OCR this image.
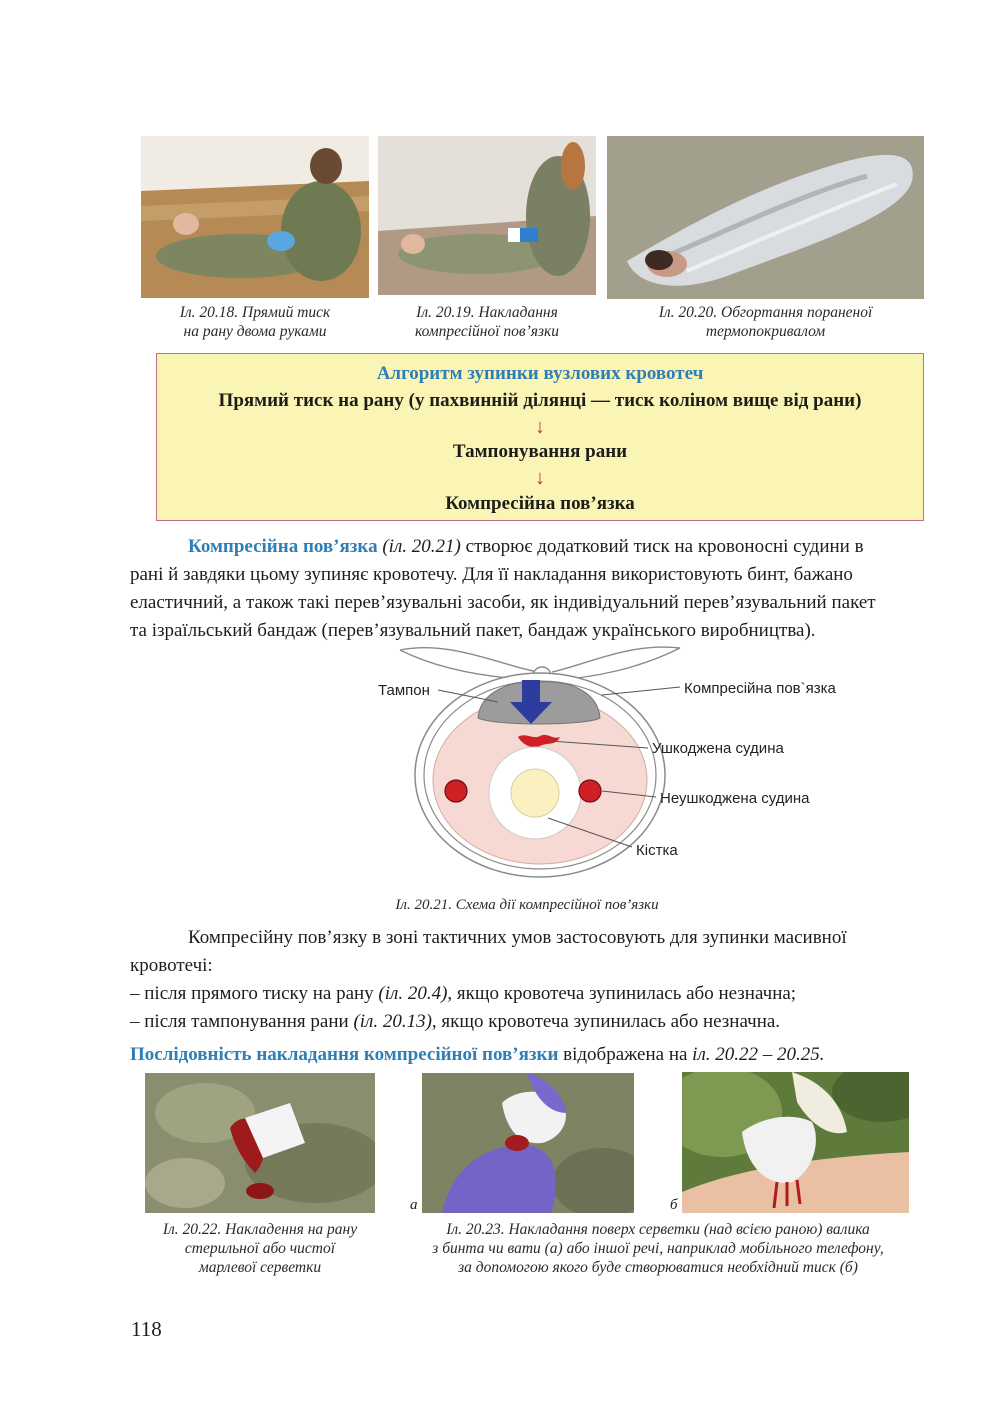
Іл. 20.18. Прямий тиск
на рану двома руками
Іл. 20.19. Накладання
компресійної пов’язки
Іл. 20.20. Обгортання пораненої
термопокривалом
Алгоритм зупинки вузлових кровотеч
Прямий тиск на рану (у пахвинній ділянці — тиск коліном вище від рани)
↓
Тампонування рани
↓
Компресійна пов’язка
Компресійна пов’язка (іл. 20.21) створює додатковий тиск на кровоносні судини в
рані й завдяки цьому зупиняє кровотечу. Для її накладання використовують бинт, бажано
еластичний, а також такі перев’язувальні засоби, як індивідуальний перев’язувальний пакет
та ізраїльський бандаж (перев’язувальний пакет, бандаж українського виробництва).
Тампон	Компресійна пов`язка
Ушкоджена судина
Неушкоджена судина
Кістка
Іл. 20.21. Схема дії компресійної пов’язки
Компресійну пов’язку в зоні тактичних умов застосовують для зупинки масивної
кровотечі:
– після прямого тиску на рану (іл. 20.4), якщо кровотеча зупинилась або незначна;
– після тампонування рани (іл. 20.13), якщо кровотеча зупинилась або незначна.
Послідовність накладання компресійної пов’язки відображена на іл. 20.22 – 20.25.
а	б
Іл. 20.22. Накладення на рану
стерильної або чистої
марлевої серветки
Іл. 20.23. Накладання поверх серветки (над всією раною) валика
з бинта чи вати (а) або іншої речі, наприклад мобільного телефону,
за допомогою якого буде створюватися необхідний тиск (б)
118
